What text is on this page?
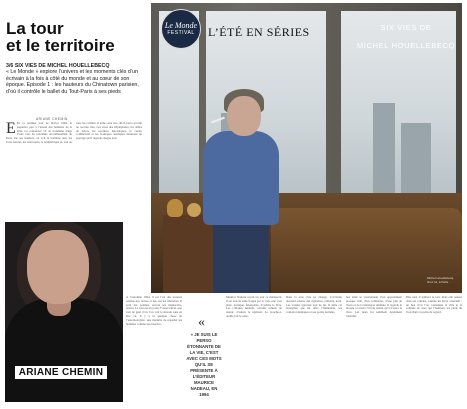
La tour
et le territoire
3/6 SIX VIES DE MICHEL HOUELLEBECQ
« Le Monde » explore l’univers et les moments clés d’un écrivain à la fois à côté du monde et au cœur de son époque. Episode 1 : les hauteurs du Chinatown parisien, d’où il contrôle le ballet du Tout-Paris à ses pieds
ARIANE CHEMIN
E En ce premier jour de février 1994, le paquebot part à l’assaut des hauteurs de la ville. Le romancier vit au trentième étage d’une tour du treizième arrondissement de Paris. De ses fenêtres, on voit la banlieue sud, les voies ferrées, les autoroutes, le périphérique et, tout au loin, les collines. Il aime cette vue, dit-il, parce qu’elle ne raconte rien. Les tours des Olympiades, les dalles de béton, les escaliers mécaniques, le centre commercial et les boutiques asiatiques dessinent un paysage qu’il regarde chaque jour.
ARIANE CHEMIN
Le Monde
FESTIVAL	L’ÉTÉ EN SÉRIES	SIX VIES DE
MICHEL HOUELLEBECQ
Michel Houellebecq, chez lui, à Paris.
A l’automne 1994, il est l’un des lecteurs assidus des revues et des cercles littéraires. Il écrit des poèmes, envoie ses manuscrits, attend. La tour est un poste d’observation, une tour de guet d’où l’on voit le monde sans en être vu. Il y a là quelque chose de l’entomologiste, une manière de regarder les hommes comme des insectes.	«
« JE SUIS LE PERSO ÉTONNANTE DE LA VIE, C’EST AVEC CES MOTS QU’IL SE PRÉSENTE À L’ÉDITEUR MAURICE NADEAU, EN 1994
Maurice Nadeau reçoit un jour ce manuscrit. Il est tout de suite frappé par la voix, une voix plate, ironique, désespérée. Il publie le livre. Les critiques hésitent, certains saluent un auteur, d’autres le rejettent. Le bouche-à-oreille fait le reste.
Dans la tour, rien ne change. L’écrivain descend acheter des cigarettes, remonte, écrit. Les voisins ignorent tout de lui. Il aime cet anonymat que lui offre l’immeuble, ses couloirs identiques et ses portes fermées.
Ses amis se souviennent d’un appartement presque vide, d’un ordinateur, d’une pile de livres et de la télévision allumée. Il regarde le monde à travers l’écran autant qu’à travers la vitre. Les deux lui semblent également lointains.
Plus tard, il quittera la tour, mais elle restera dans ses romans, comme un décor obsédant : un lieu d’où l’on contemple la ville et la solitude de ceux qui l’habitent, les pieds du Tout-Paris à portée de regard.
